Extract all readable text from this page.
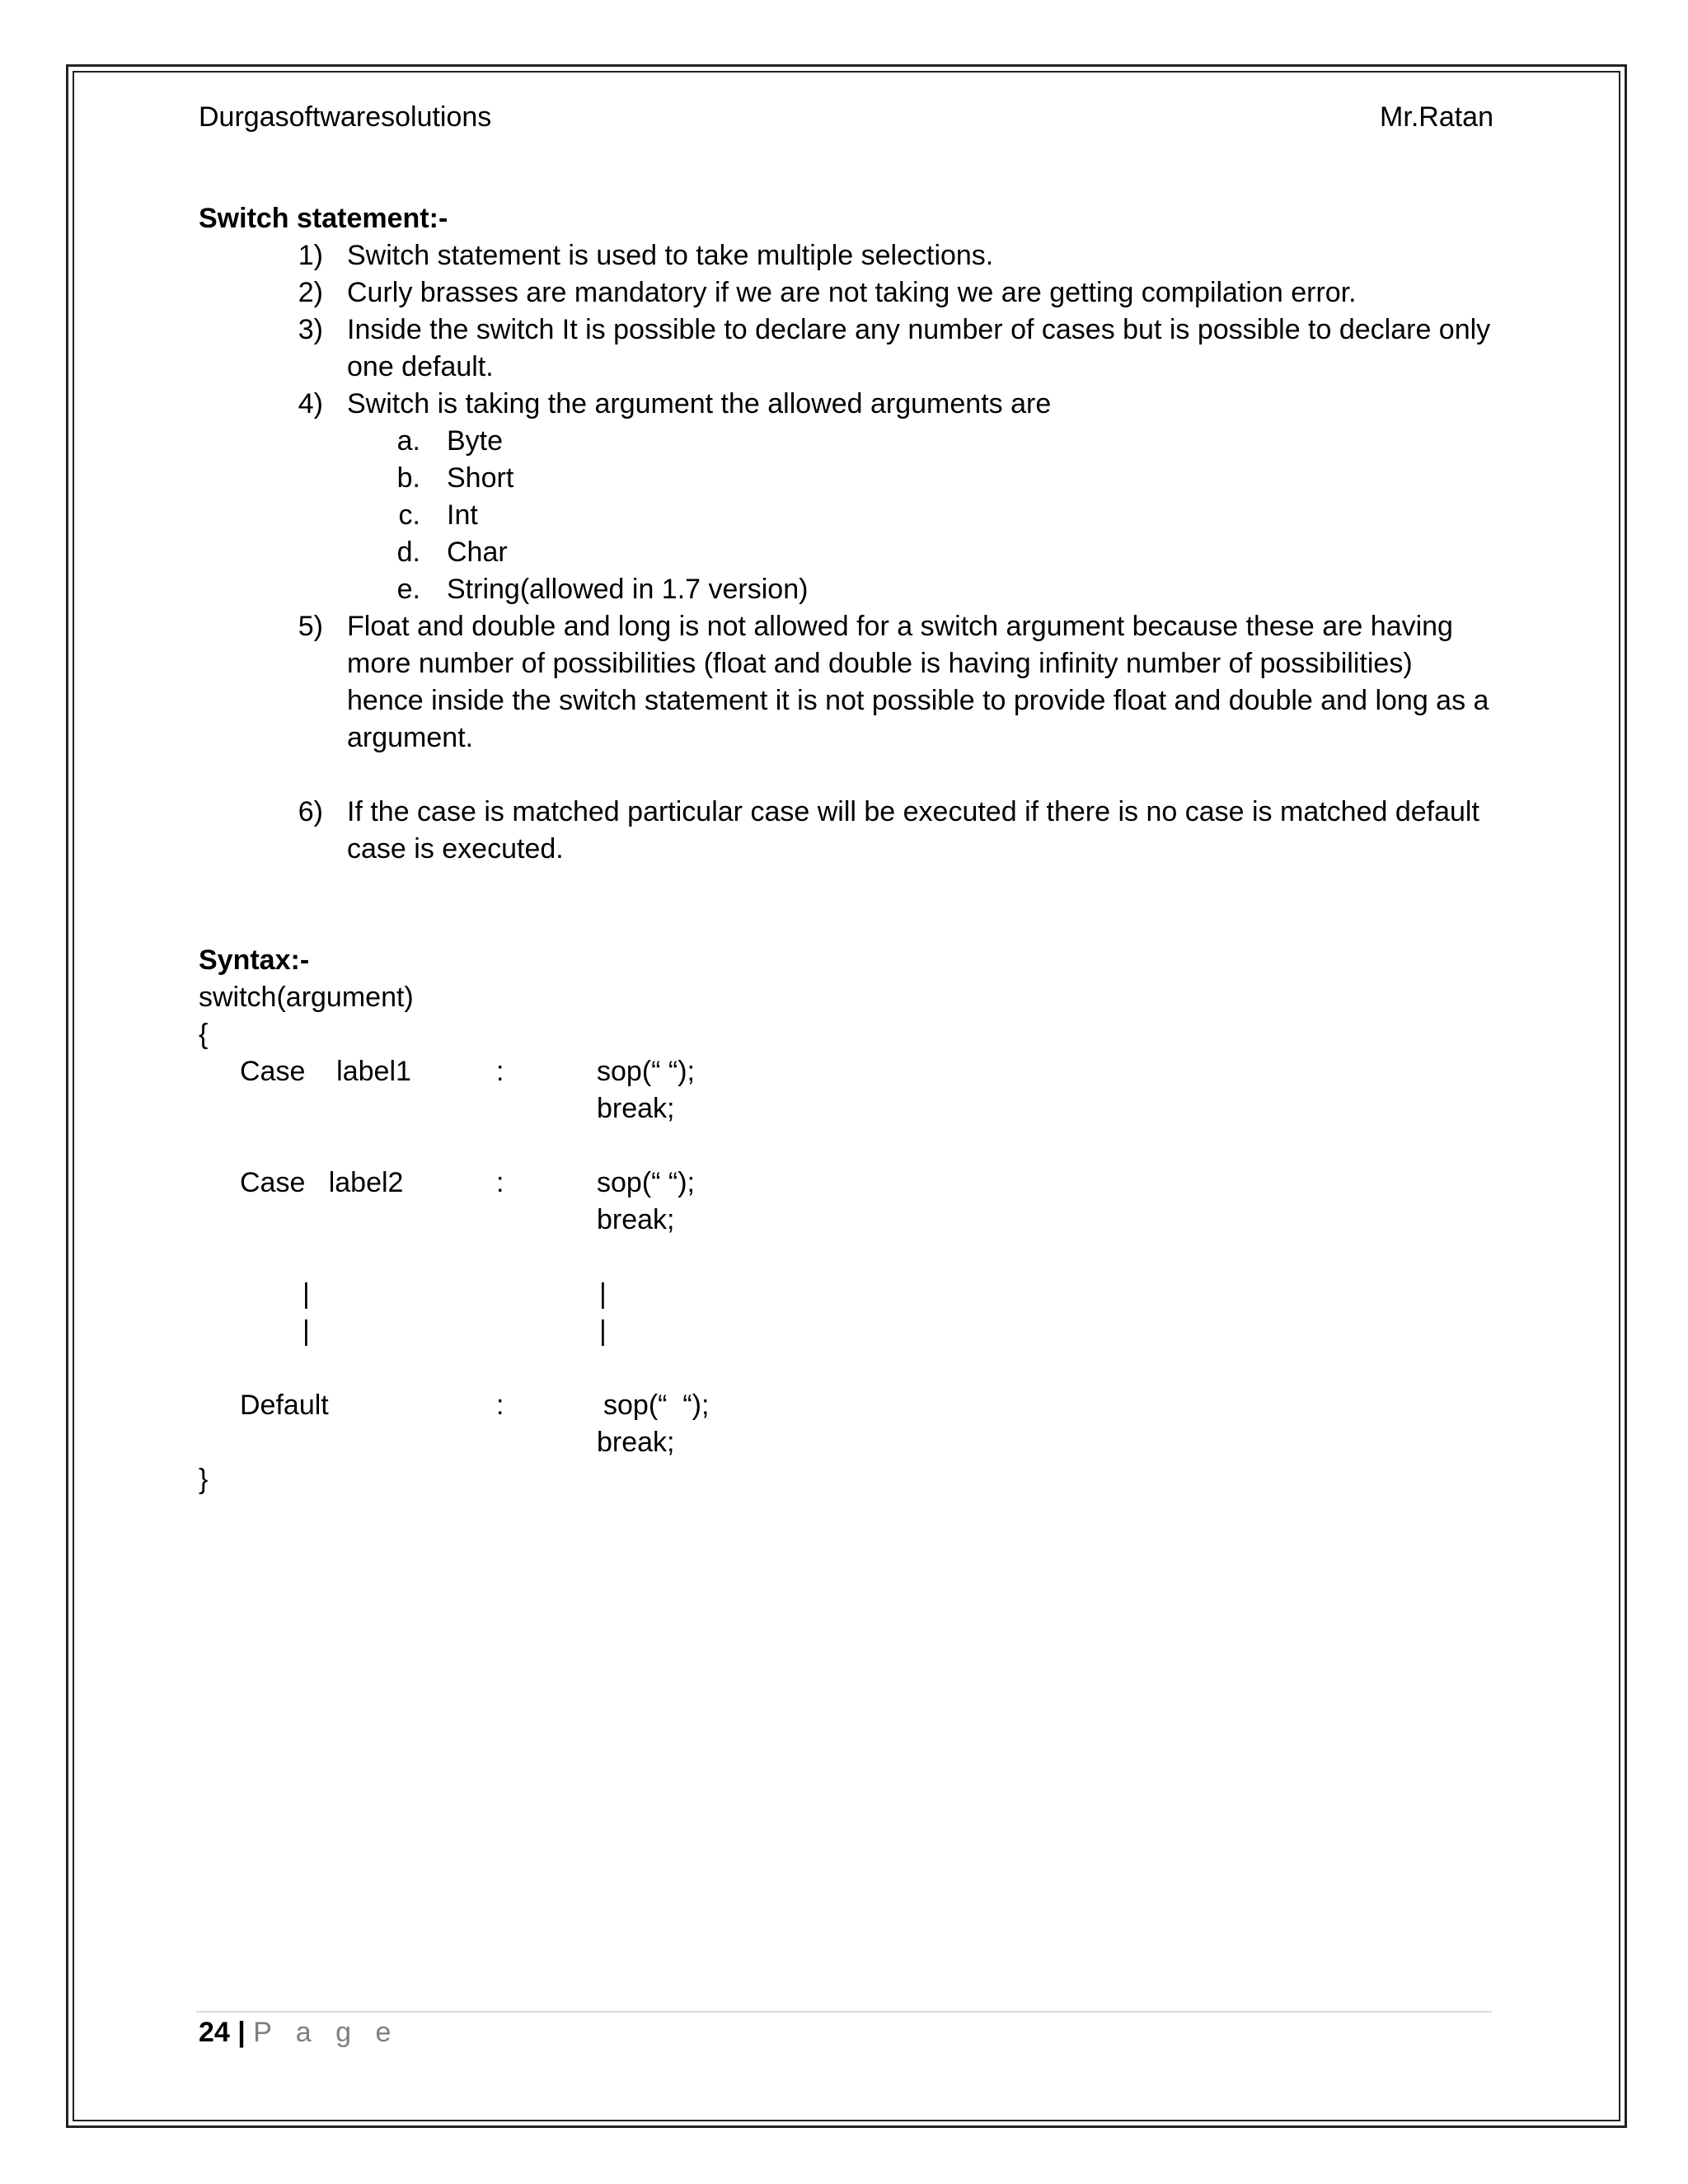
Durgasoftwaresolutions	Mr.Ratan
Switch statement:-
1) Switch statement is used to take multiple selections.
2) Curly brasses are mandatory if we are not taking we are getting compilation error.
3) Inside the switch It is possible to declare any number of cases but is possible to declare only
one default.
4) Switch is taking the argument the allowed arguments are
a. Byte
b. Short
c. Int
d. Char
e. String(allowed in 1.7 version)
5) Float and double and long is not allowed for a switch argument because these are having
more number of possibilities (float and double is having infinity number of possibilities)
hence inside the switch statement it is not possible to provide float and double and long as a
argument.
6) If the case is matched particular case will be executed if there is no case is matched default
case is executed.
Syntax:-
switch(argument)
{
Case    label1	:	sop(“ “);
break;
Case   label2	:	sop(“ “);
break;
|	|
|	|
Default	:	sop(“  “);
break;
}
24 | P a g e
